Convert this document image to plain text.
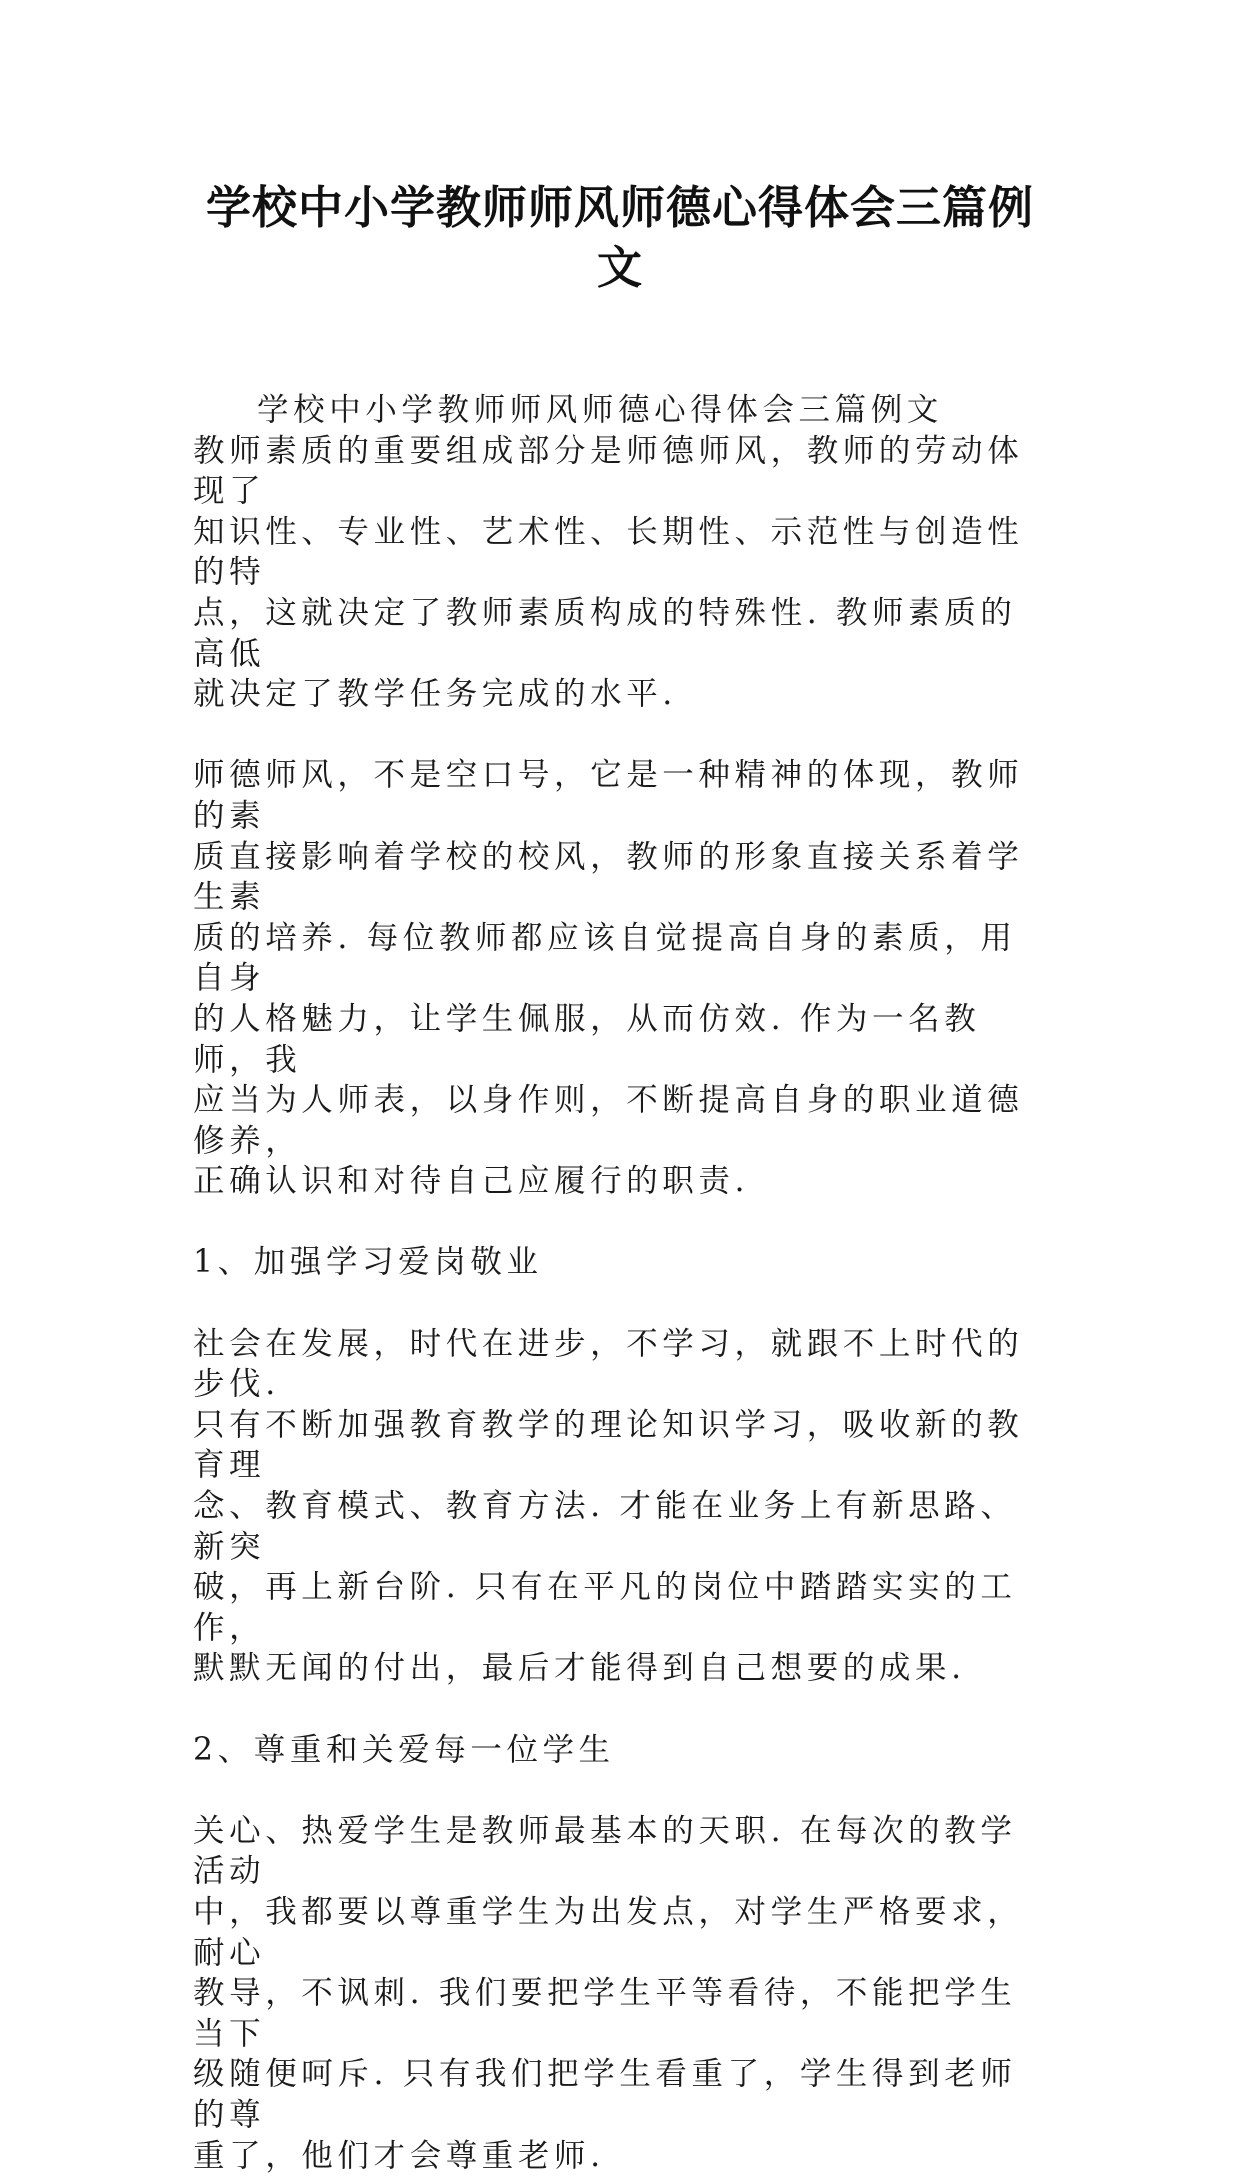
学校中小学教师师风师德心得体会三篇例
文

学校中小学教师师风师德心得体会三篇例文

教师素质的重要组成部分是师德师风，教师的劳动体现了
知识性、专业性、艺术性、长期性、示范性与创造性的特
点，这就决定了教师素质构成的特殊性. 教师素质的高低
就决定了教学任务完成的水平.

师德师风，不是空口号，它是一种精神的体现，教师的素
质直接影响着学校的校风，教师的形象直接关系着学生素
质的培养. 每位教师都应该自觉提高自身的素质，用自身
的人格魅力，让学生佩服，从而仿效. 作为一名教师，我
应当为人师表，以身作则，不断提高自身的职业道德修养，
正确认识和对待自己应履行的职责.

1、加强学习爱岗敬业

社会在发展，时代在进步，不学习，就跟不上时代的步伐.
只有不断加强教育教学的理论知识学习，吸收新的教育理
念、教育模式、教育方法. 才能在业务上有新思路、新突
破，再上新台阶. 只有在平凡的岗位中踏踏实实的工作，
默默无闻的付出，最后才能得到自己想要的成果.

2、尊重和关爱每一位学生

关心、热爱学生是教师最基本的天职. 在每次的教学活动
中，我都要以尊重学生为出发点，对学生严格要求，耐心
教导，不讽刺. 我们要把学生平等看待，不能把学生当下
级随便呵斥. 只有我们把学生看重了，学生得到老师的尊
重了，他们才会尊重老师.
